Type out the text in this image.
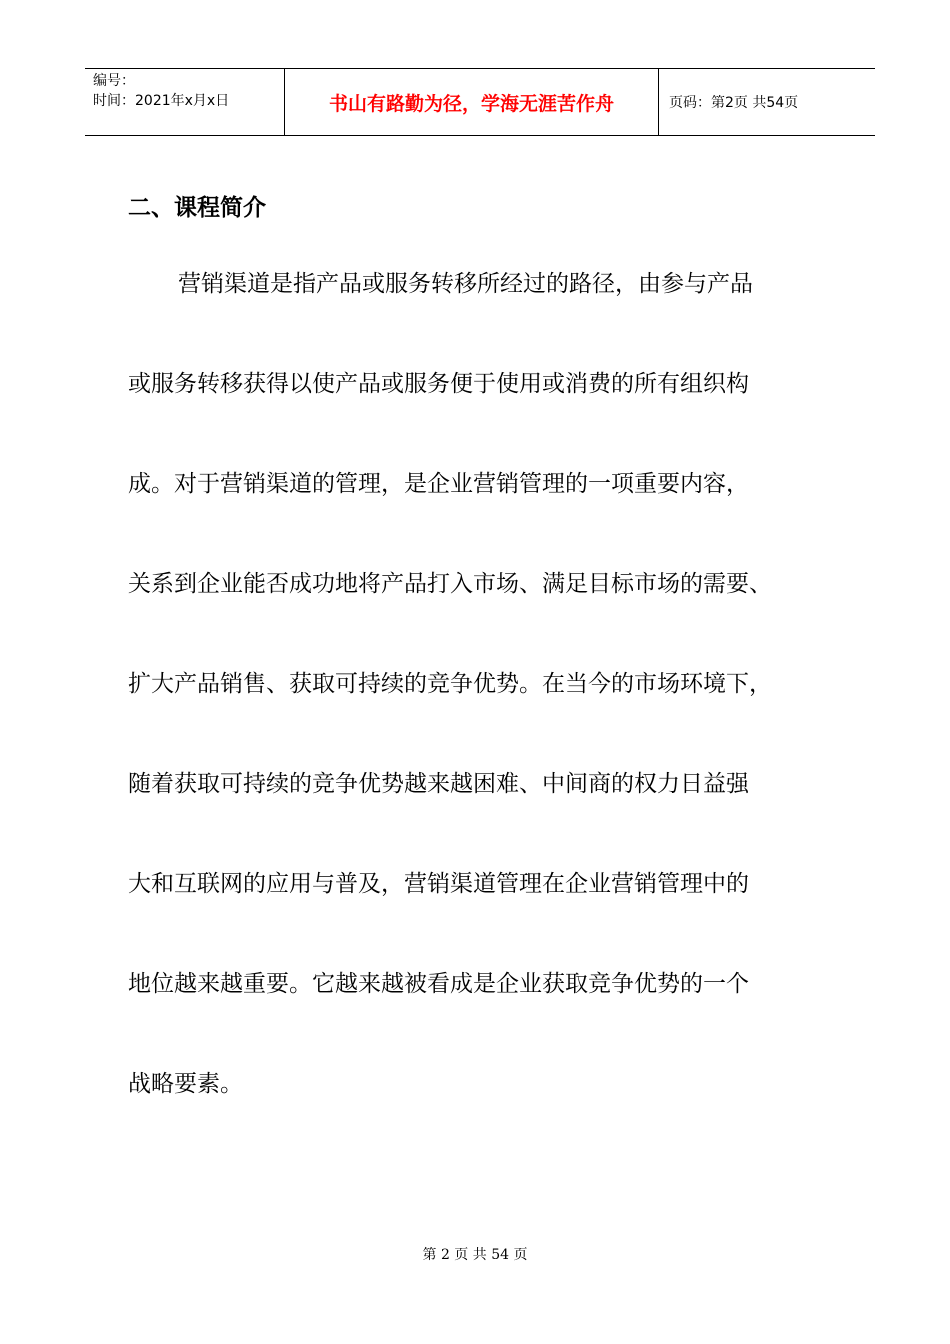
编号：
时间：2021年x月x日	书山有路勤为径，学海无涯苦作舟	页码：第2页 共54页
二、课程简介
营销渠道是指产品或服务转移所经过的路径，由参与产品
或服务转移获得以使产品或服务便于使用或消费的所有组织构
成。对于营销渠道的管理，是企业营销管理的一项重要内容，
关系到企业能否成功地将产品打入市场、满足目标市场的需要、
扩大产品销售、获取可持续的竞争优势。在当今的市场环境下，
随着获取可持续的竞争优势越来越困难、中间商的权力日益强
大和互联网的应用与普及，营销渠道管理在企业营销管理中的
地位越来越重要。它越来越被看成是企业获取竞争优势的一个
战略要素。
第 2 页 共 54 页
